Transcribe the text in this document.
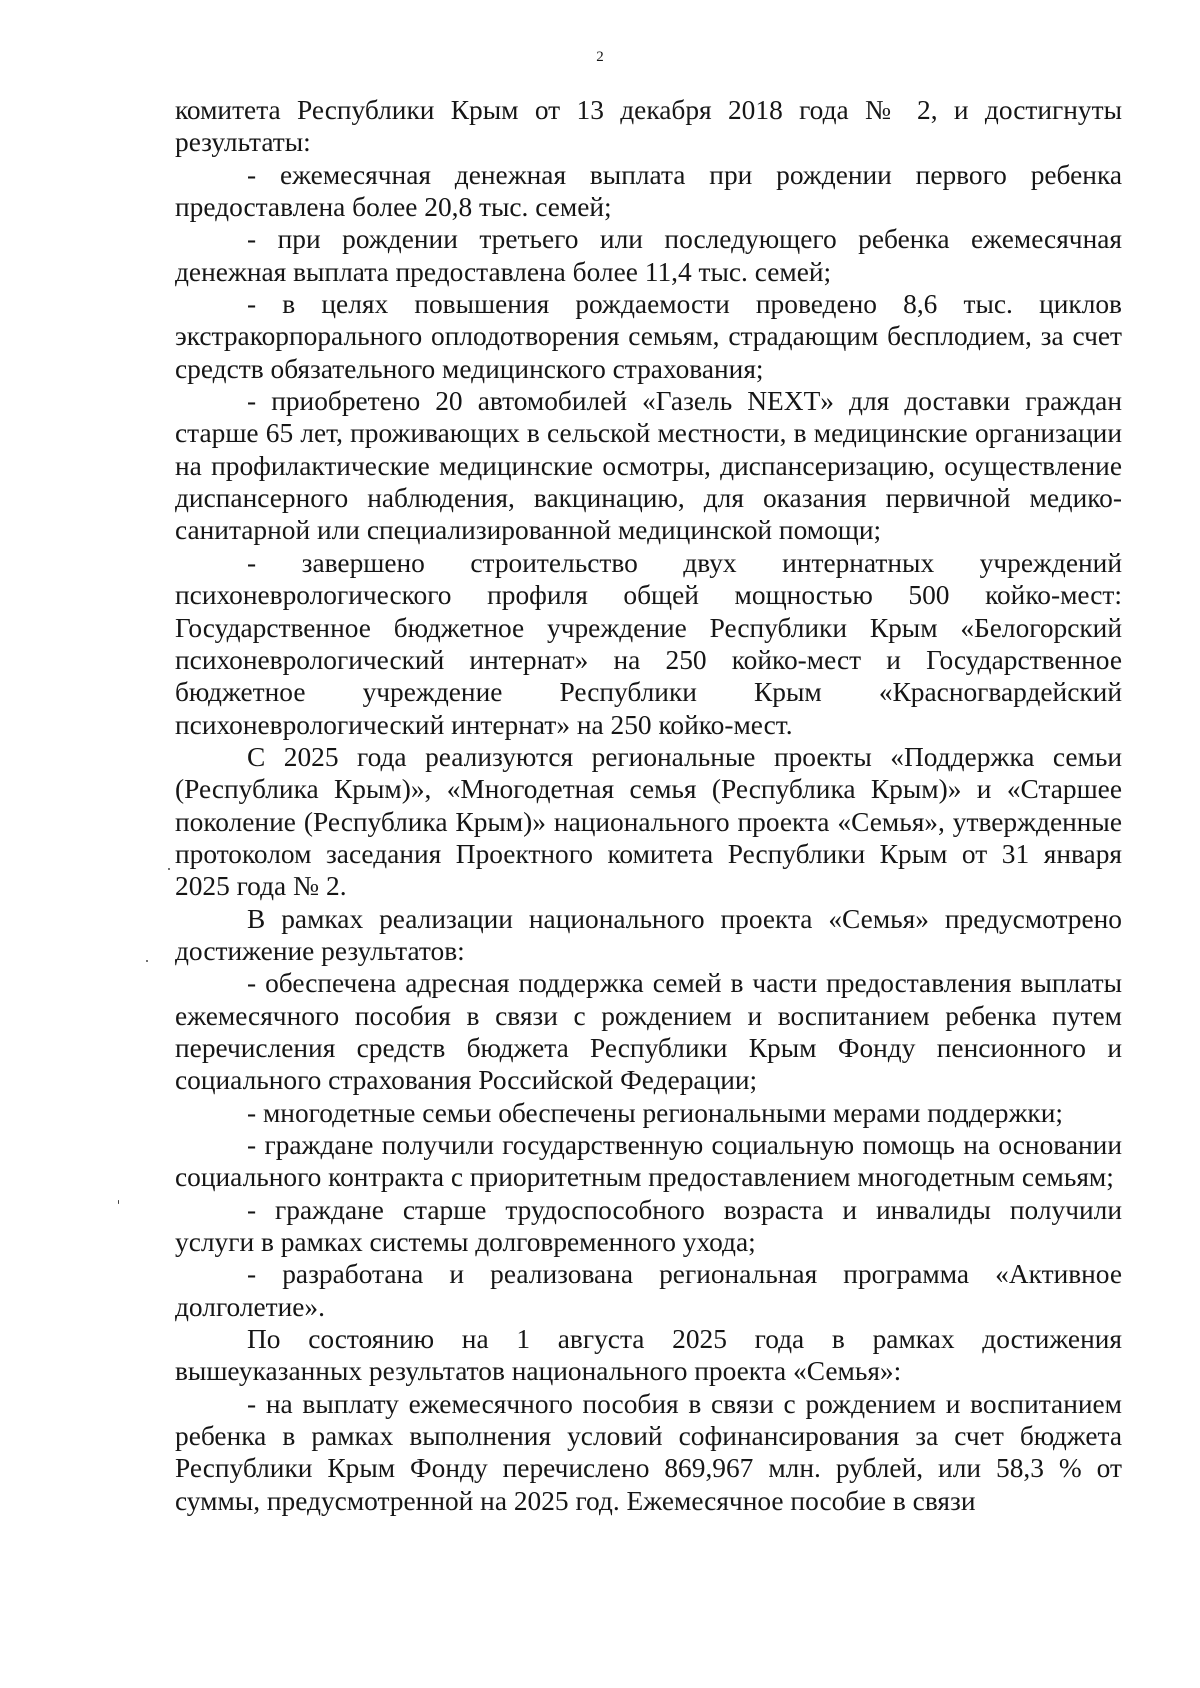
2

комитета Республики Крым от 13 декабря 2018 года № 2, и достигнуты результаты:

- ежемесячная денежная выплата при рождении первого ребенка предоставлена более 20,8 тыс. семей;

- при рождении третьего или последующего ребенка ежемесячная денежная выплата предоставлена более 11,4 тыс. семей;

- в целях повышения рождаемости проведено 8,6 тыс. циклов экстракорпорального оплодотворения семьям, страдающим бесплодием, за счет средств обязательного медицинского страхования;

- приобретено 20 автомобилей «Газель NEXT» для доставки граждан старше 65 лет, проживающих в сельской местности, в медицинские организации на профилактические медицинские осмотры, диспансеризацию, осуществление диспансерного наблюдения, вакцинацию, для оказания первичной медико-санитарной или специализированной медицинской помощи;

- завершено строительство двух интернатных учреждений психоневрологического профиля общей мощностью 500 койко-мест: Государственное бюджетное учреждение Республики Крым «Белогорский психоневрологический интернат» на 250 койко-мест и Государственное бюджетное учреждение Республики Крым «Красногвардейский психоневрологический интернат» на 250 койко-мест.

С 2025 года реализуются региональные проекты «Поддержка семьи (Республика Крым)», «Многодетная семья (Республика Крым)» и «Старшее поколение (Республика Крым)» национального проекта «Семья», утвержденные протоколом заседания Проектного комитета Республики Крым от 31 января 2025 года № 2.

В рамках реализации национального проекта «Семья» предусмотрено достижение результатов:

- обеспечена адресная поддержка семей в части предоставления выплаты ежемесячного пособия в связи с рождением и воспитанием ребенка путем перечисления средств бюджета Республики Крым Фонду пенсионного и социального страхования Российской Федерации;

- многодетные семьи обеспечены региональными мерами поддержки;

- граждане получили государственную социальную помощь на основании социального контракта с приоритетным предоставлением многодетным семьям;

- граждане старше трудоспособного возраста и инвалиды получили услуги в рамках системы долговременного ухода;

- разработана и реализована региональная программа «Активное долголетие».

По состоянию на 1 августа 2025 года в рамках достижения вышеуказанных результатов национального проекта «Семья»:

- на выплату ежемесячного пособия в связи с рождением и воспитанием ребенка в рамках выполнения условий софинансирования за счет бюджета Республики Крым Фонду перечислено 869,967 млн. рублей, или 58,3 % от суммы, предусмотренной на 2025 год. Ежемесячное пособие в связи
